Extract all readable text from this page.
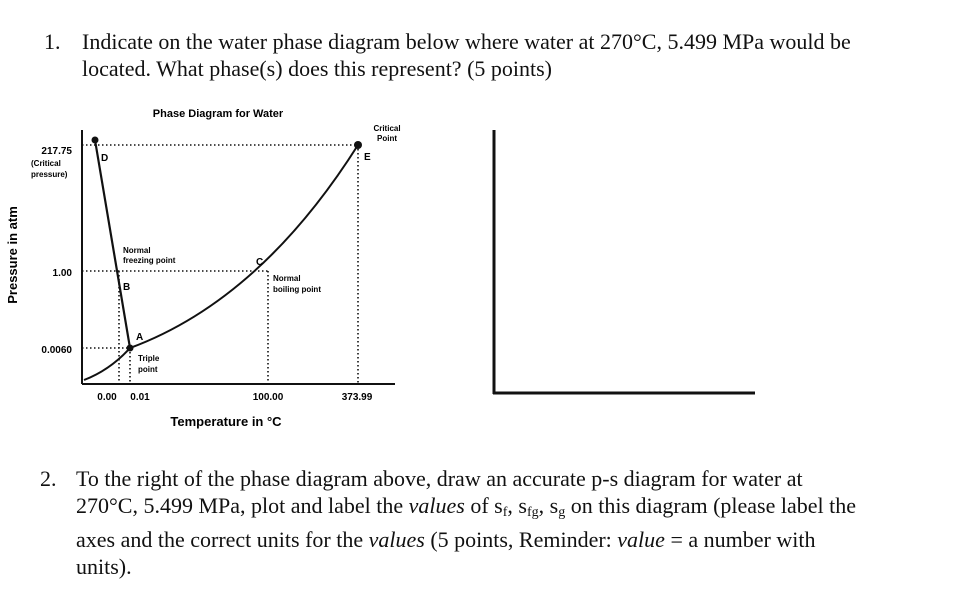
1. Indicate on the water phase diagram below where water at 270°C, 5.499 MPa would be
located. What phase(s) does this represent? (5 points)
Phase Diagram for Water
Pressure in atm
217.75
(Critical
pressure)
1.00
0.0060
0.00 0.01	100.00	373.99
Temperature in °C
D
B
A
C
E
Critical
Point
Normal
freezing point
Normal
boiling point
Triple
point
2. To the right of the phase diagram above, draw an accurate p-s diagram for water at
270°C, 5.499 MPa, plot and label the values of $s_f$, $s_{fg}$, $s_g$ on this diagram (please label the
axes and the correct units for the values (5 points, Reminder: value = a number with
units).
